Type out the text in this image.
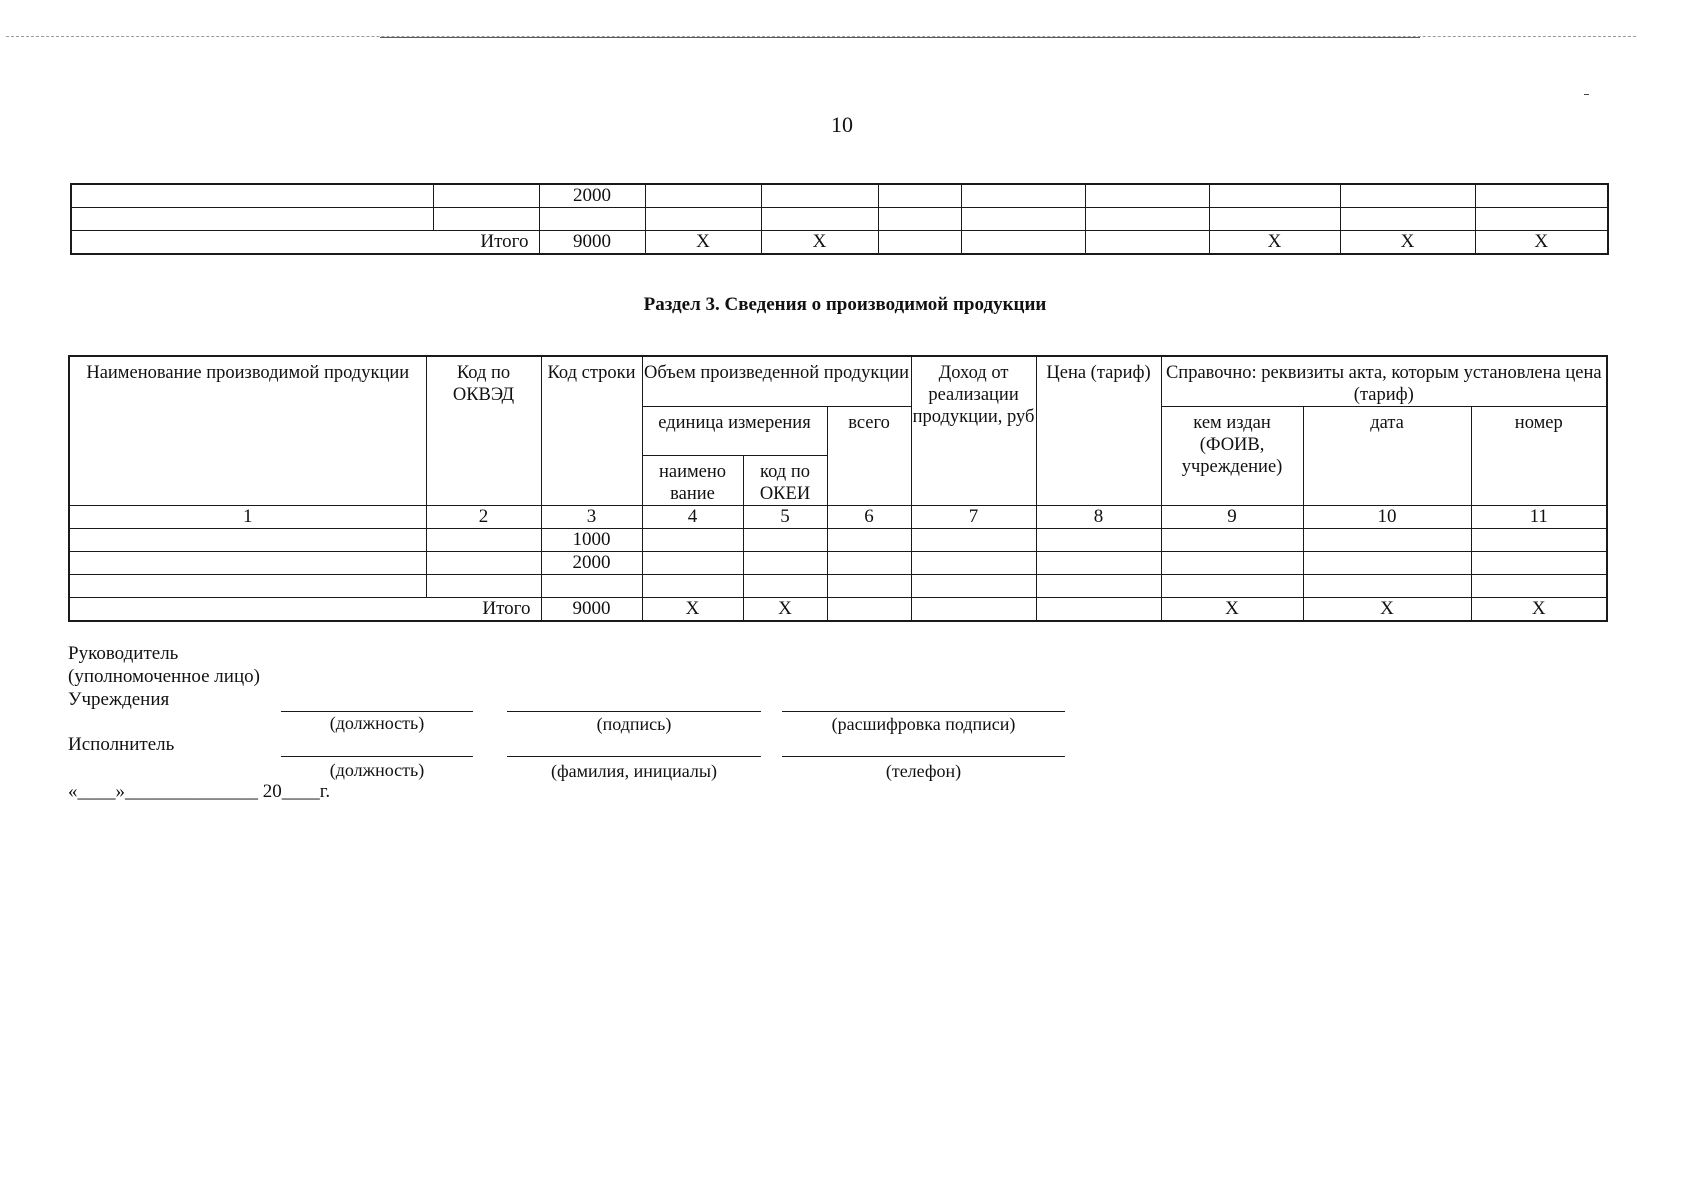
10
		2000								

Итого		9000	X	X				X	X	X
Раздел 3. Сведения о производимой продукции
Наименование производимой продукции	Код по ОКВЭД	Код строки	Объем произведенной продукции			Доход от реализации продукции, руб	Цена (тариф)	Справочно: реквизиты акта, которым установлена цена (тариф)		
			единица измерения		всего			кем издан (ФОИВ, учреждение)	дата	номер
			наимено вание	код по ОКЕИ						
1	2	3	4	5	6	7	8	9	10	11
		1000								
		2000								

Итого		9000	X	X				X	X	X
Руководитель
(уполномоченное лицо)
Учреждения
(должность)	(подпись)	(расшифровка подписи)
Исполнитель
(должность)	(фамилия, инициалы)	(телефон)
«____»______________ 20____г.
